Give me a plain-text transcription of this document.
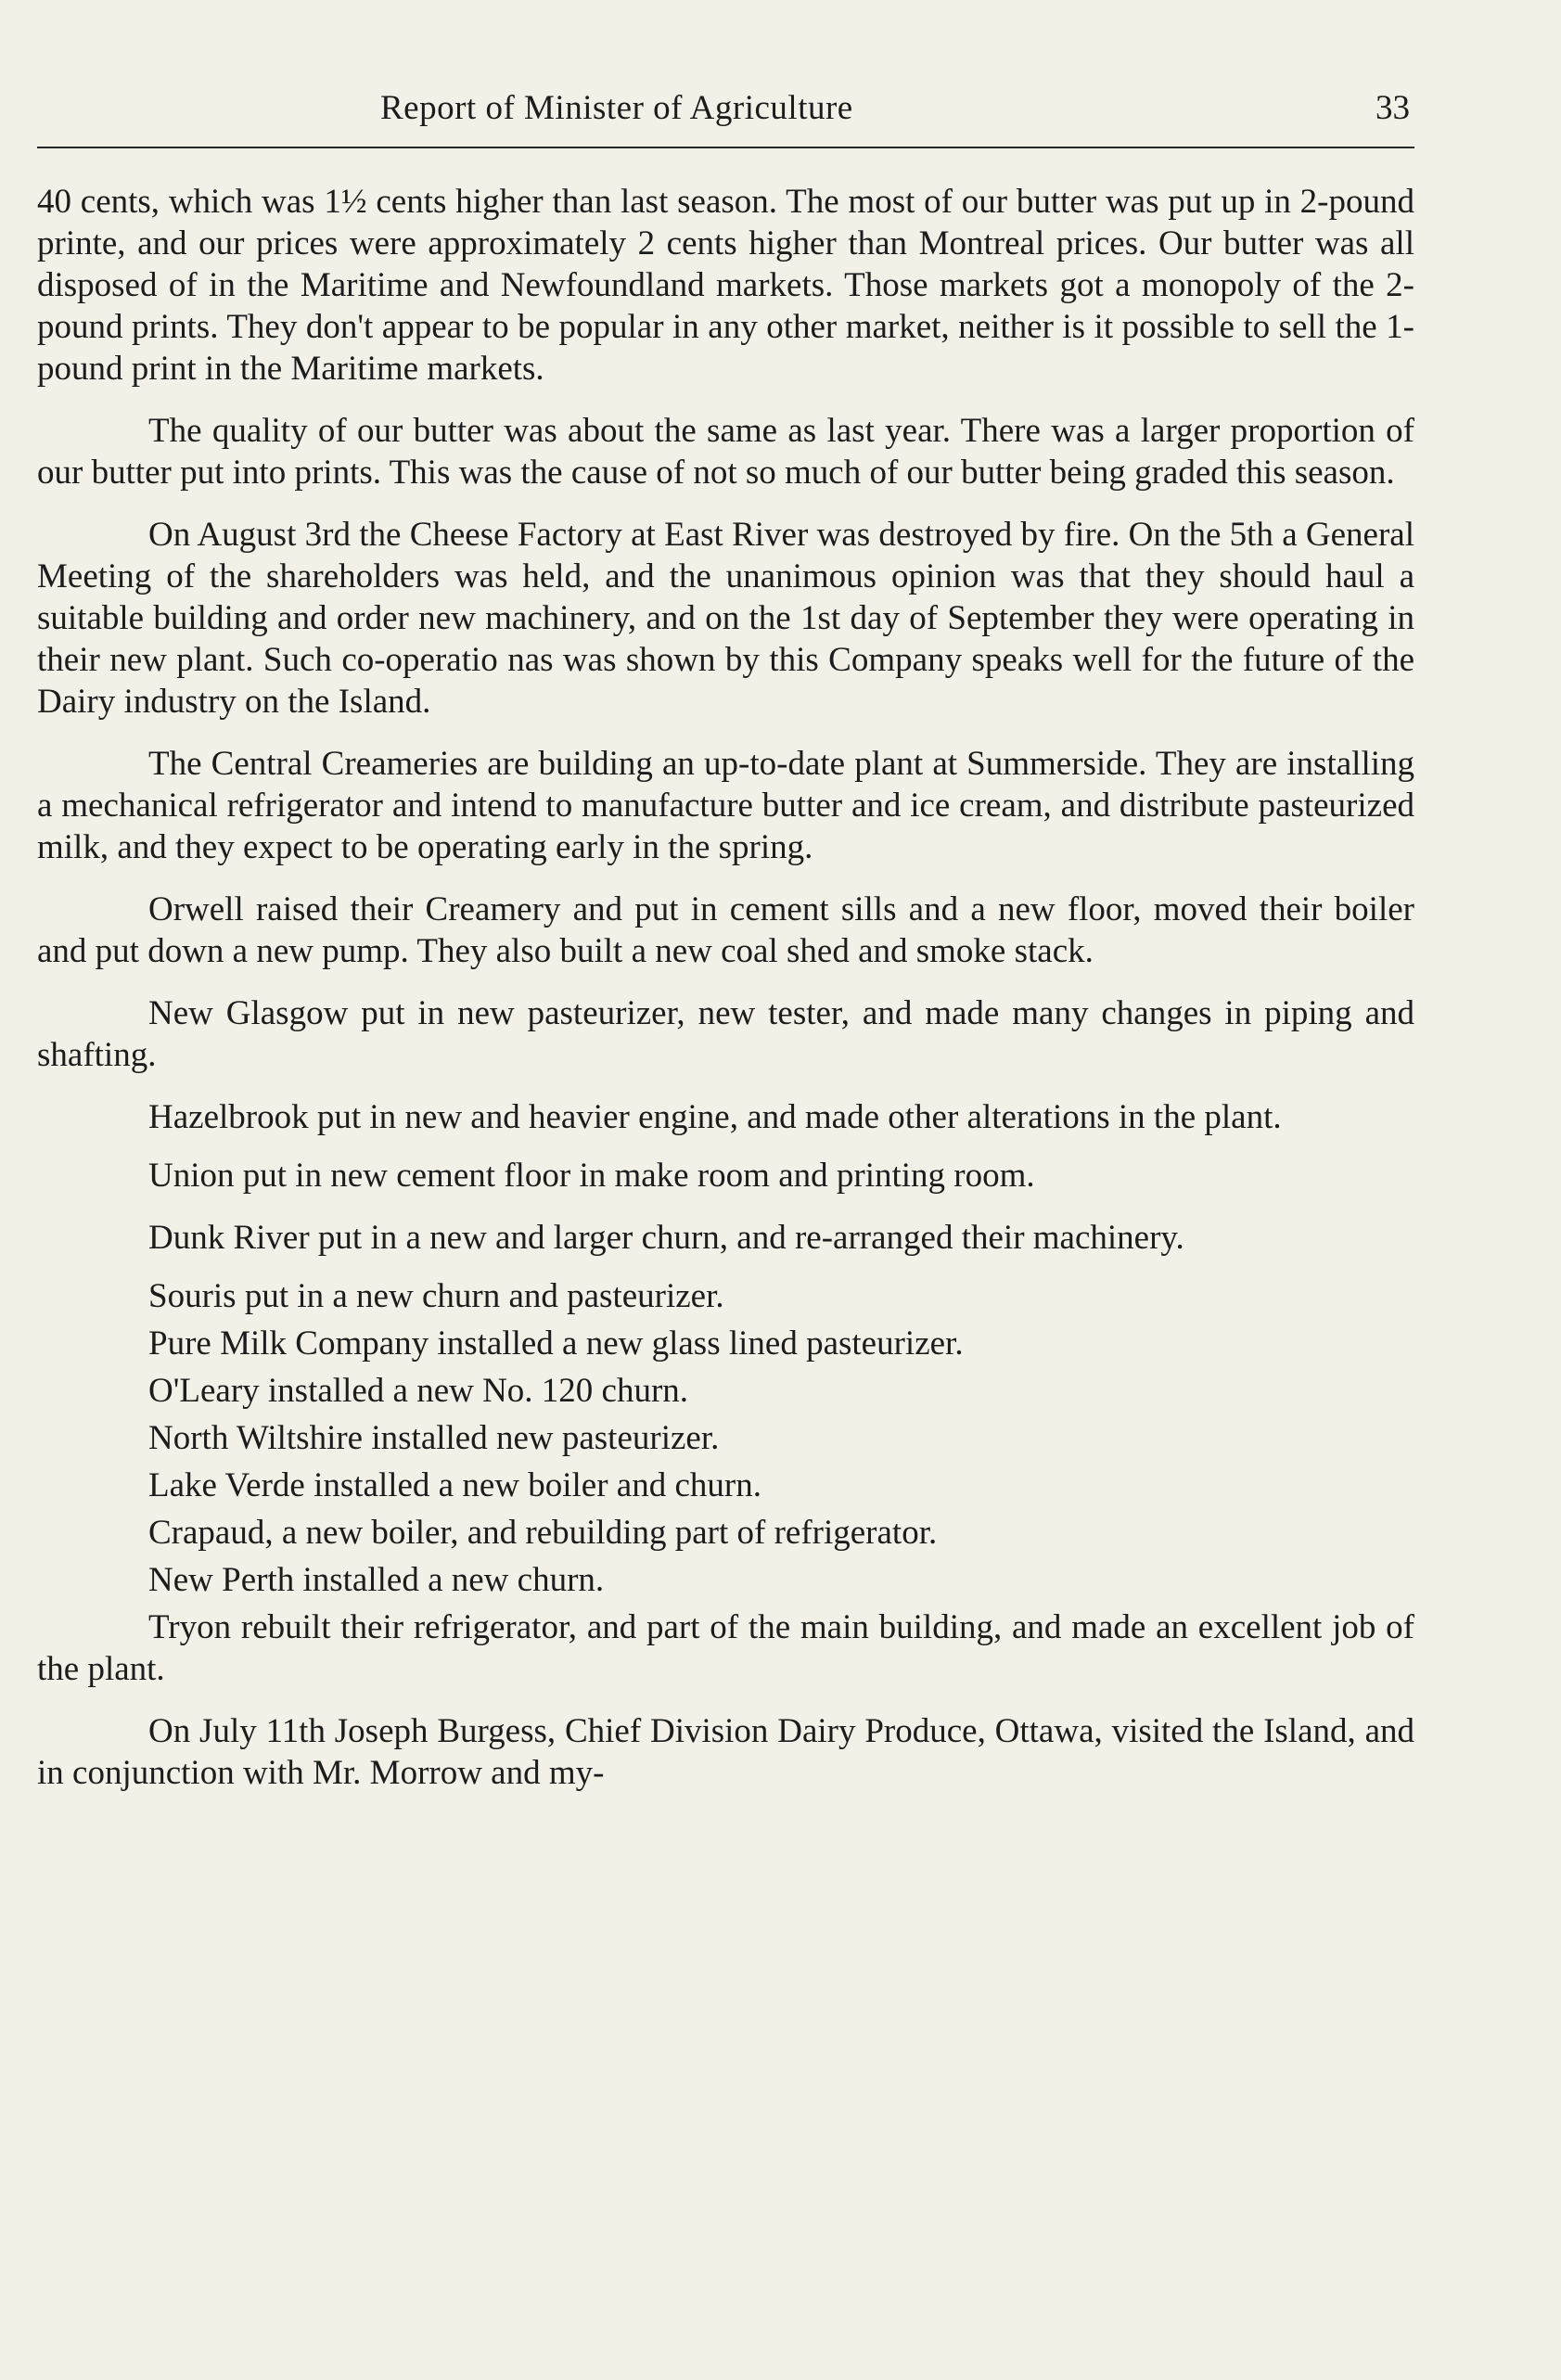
Report of Minister of Agriculture	33

40 cents, which was 1½ cents higher than last season. The most of our butter was put up in 2-pound printe, and our prices were approximately 2 cents higher than Montreal prices. Our butter was all disposed of in the Maritime and Newfoundland markets. Those markets got a monopoly of the 2-pound prints. They don't appear to be popular in any other market, neither is it possible to sell the 1-pound print in the Maritime markets.

The quality of our butter was about the same as last year. There was a larger proportion of our butter put into prints. This was the cause of not so much of our butter being graded this season.

On August 3rd the Cheese Factory at East River was destroyed by fire. On the 5th a General Meeting of the shareholders was held, and the unanimous opinion was that they should haul a suitable building and order new machinery, and on the 1st day of September they were operating in their new plant. Such co-operatio nas was shown by this Company speaks well for the future of the Dairy industry on the Island.

The Central Creameries are building an up-to-date plant at Summerside. They are installing a mechanical refrigerator and intend to manufacture butter and ice cream, and distribute pasteurized milk, and they expect to be operating early in the spring.

Orwell raised their Creamery and put in cement sills and a new floor, moved their boiler and put down a new pump. They also built a new coal shed and smoke stack.

New Glasgow put in new pasteurizer, new tester, and made many changes in piping and shafting.

Hazelbrook put in new and heavier engine, and made other alterations in the plant.

Union put in new cement floor in make room and printing room.

Dunk River put in a new and larger churn, and re-arranged their machinery.

Souris put in a new churn and pasteurizer.

Pure Milk Company installed a new glass lined pasteurizer.

O'Leary installed a new No. 120 churn.

North Wiltshire installed new pasteurizer.

Lake Verde installed a new boiler and churn.

Crapaud, a new boiler, and rebuilding part of refrigerator.

New Perth installed a new churn.

Tryon rebuilt their refrigerator, and part of the main building, and made an excellent job of the plant.

On July 11th Joseph Burgess, Chief Division Dairy Produce, Ottawa, visited the Island, and in conjunction with Mr. Morrow and my-
